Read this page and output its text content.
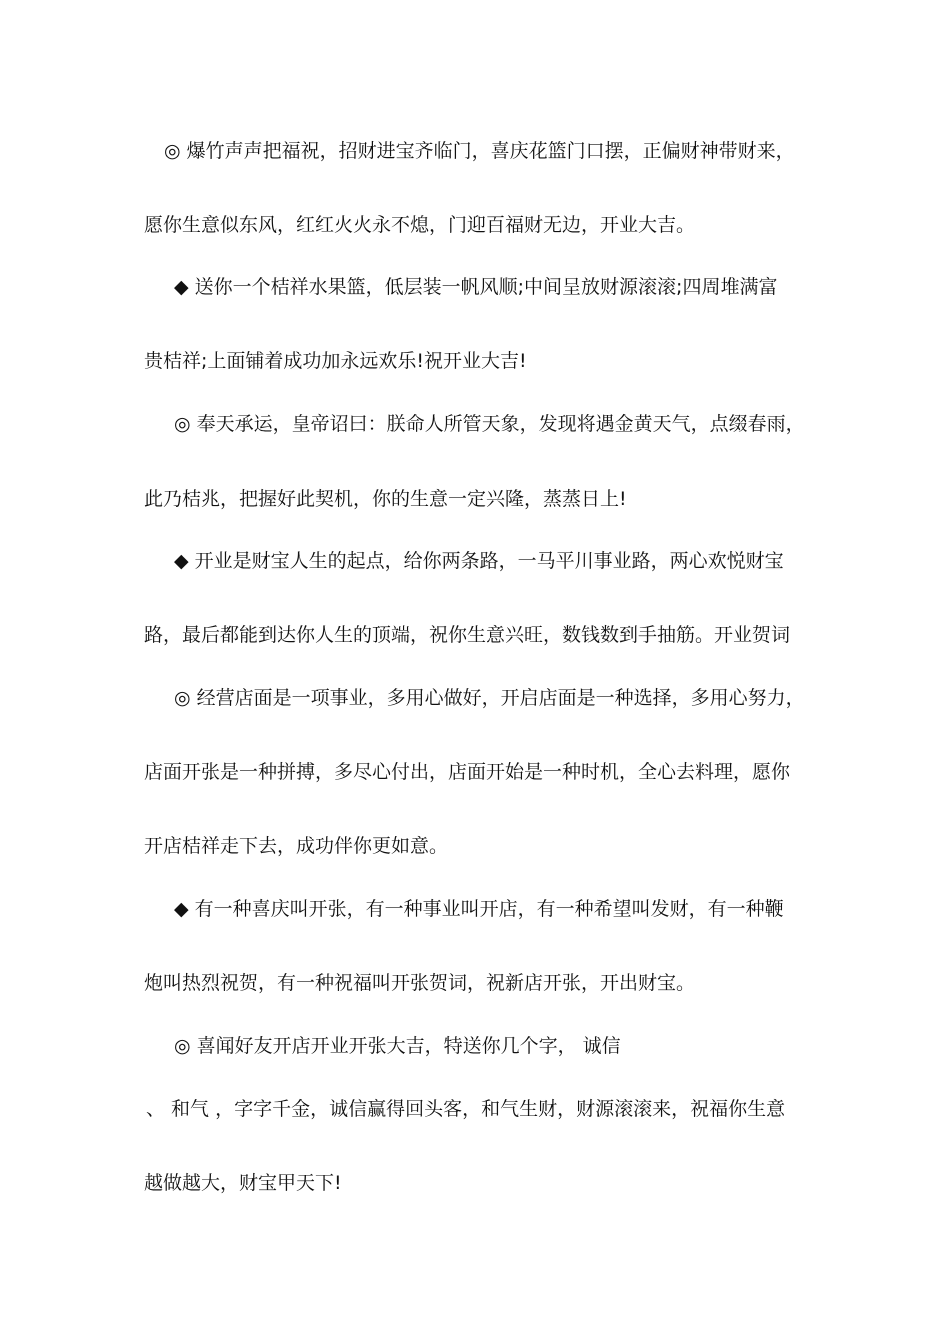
◎ 爆竹声声把福祝，招财进宝齐临门，喜庆花篮门口摆，正偏财神带财来，
愿你生意似东风，红红火火永不熄，门迎百福财无边，开业大吉。
◆ 送你一个桔祥水果篮，低层装一帆风顺;中间呈放财源滚滚;四周堆满富
贵桔祥;上面铺着成功加永远欢乐!祝开业大吉!
◎ 奉天承运，皇帝诏曰：朕命人所管天象，发现将遇金黄天气，点缀春雨，
此乃桔兆，把握好此契机，你的生意一定兴隆，蒸蒸日上!
◆ 开业是财宝人生的起点，给你两条路，一马平川事业路，两心欢悦财宝
路，最后都能到达你人生的顶端，祝你生意兴旺，数钱数到手抽筋。开业贺词
◎ 经营店面是一项事业，多用心做好，开启店面是一种选择，多用心努力，
店面开张是一种拼搏，多尽心付出，店面开始是一种时机，全心去料理，愿你
开店桔祥走下去，成功伴你更如意。
◆ 有一种喜庆叫开张，有一种事业叫开店，有一种希望叫发财，有一种鞭
炮叫热烈祝贺，有一种祝福叫开张贺词，祝新店开张，开出财宝。
◎ 喜闻好友开店开业开张大吉，特送你几个字， 诚信
、 和气 ，字字千金，诚信赢得回头客，和气生财，财源滚滚来，祝福你生意
越做越大，财宝甲天下!
